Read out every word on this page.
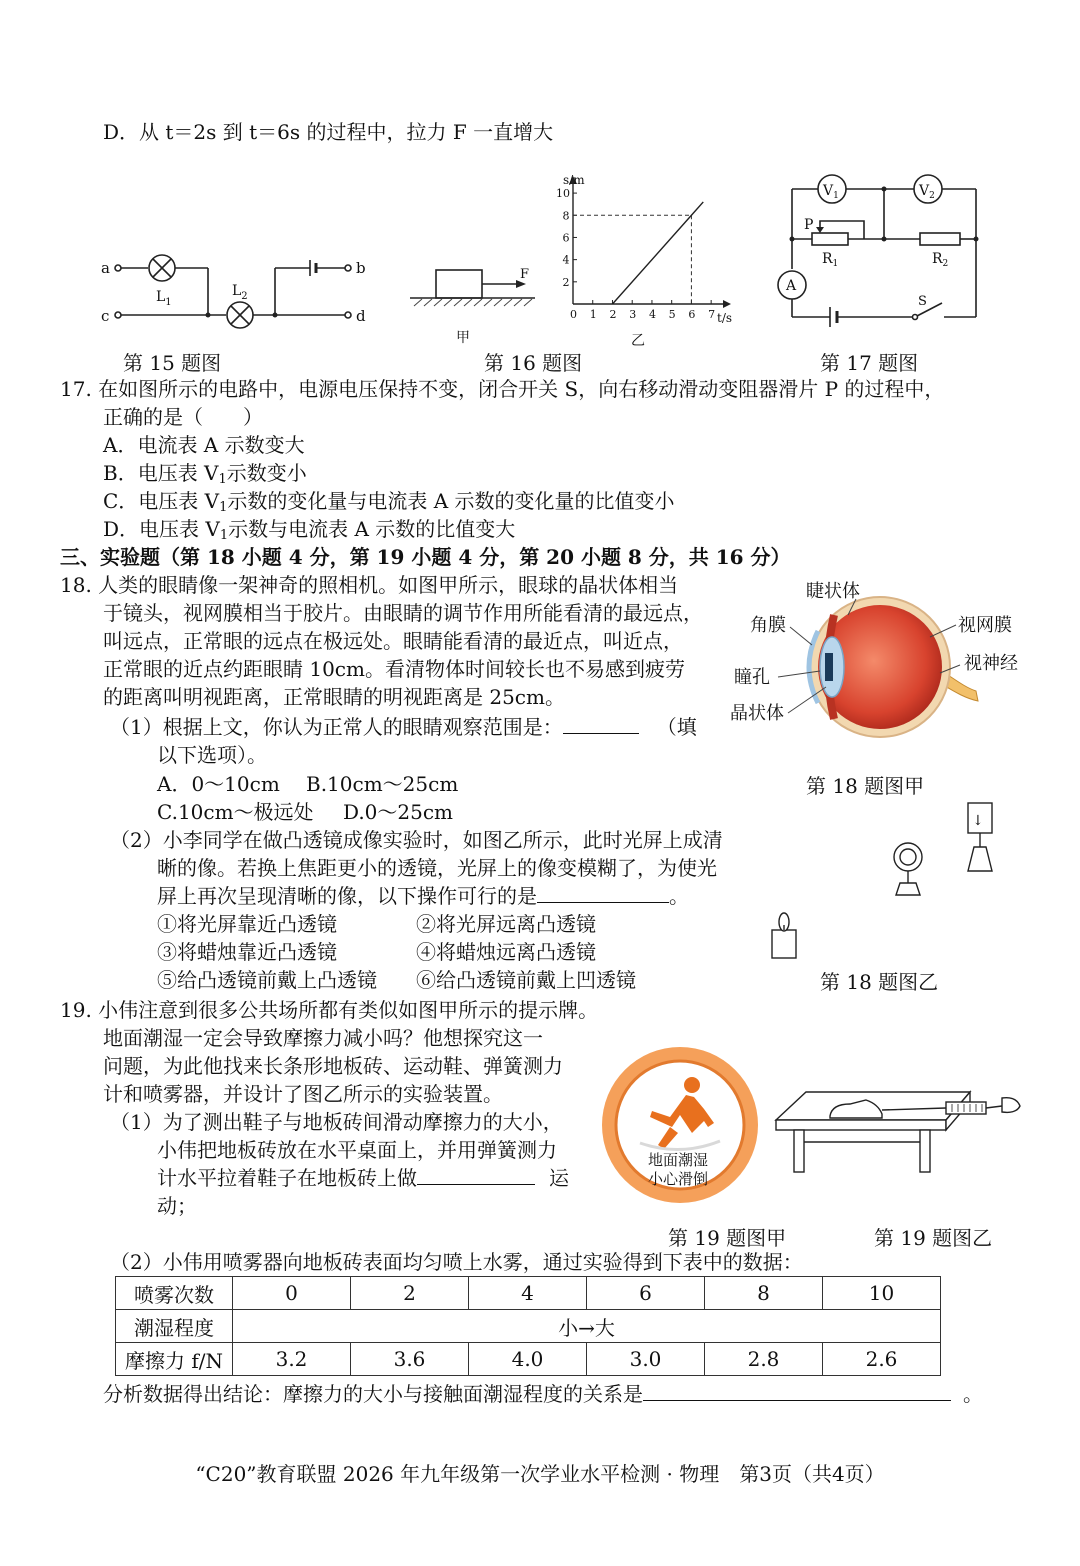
D．从 t＝2s 到 t＝6s 的过程中，拉力 F 一直增大
a
c
b
d
$L_1$
$L_2$
第 15 题图
F
甲
0 1 2 3 4 5 6 7
2
4
6
8
10
s/m
t/s
乙
第 16 题图
$V_1$	$V_2$
A
P
$R_1$	$R_2$
S
第 17 题图
17. 在如图所示的电路中，电源电压保持不变，闭合开关 S，向右移动滑动变阻器滑片 P 的过程中，
正确的是（　　）
A．电流表 A 示数变大
B．电压表 $V_1$示数变小
C．电压表 $V_1$示数的变化量与电流表 A 示数的变化量的比值变小
D．电压表 $V_1$示数与电流表 A 示数的比值变大
三、实验题（第 18 小题 4 分，第 19 小题 4 分，第 20 小题 8 分，共 16 分）
18. 人类的眼睛像一架神奇的照相机。如图甲所示，眼球的晶状体相当
于镜头，视网膜相当于胶片。由眼睛的调节作用所能看清的最远点，
叫远点，正常眼的远点在极远处。眼睛能看清的最近点，叫近点，
正常眼的近点约距眼睛 10cm。看清物体时间较长也不易感到疲劳
的距离叫明视距离，正常眼睛的明视距离是 25cm。
（1）根据上文，你认为正常人的眼睛观察范围是：	（填
以下选项）。
A．0～10cm B.10cm～25cm
C.10cm～极远处 D.0～25cm
（2）小李同学在做凸透镜成像实验时，如图乙所示，此时光屏上成清
晰的像。若换上焦距更小的透镜，光屏上的像变模糊了，为使光
屏上再次呈现清晰的像，以下操作可行的是	。
①将光屏靠近凸透镜	②将光屏远离凸透镜
③将蜡烛靠近凸透镜	④将蜡烛远离凸透镜
⑤给凸透镜前戴上凸透镜 ⑥给凸透镜前戴上凹透镜
睫状体
角膜	视网膜
视神经
瞳孔
晶状体
第 18 题图甲
↓
第 18 题图乙
19. 小伟注意到很多公共场所都有类似如图甲所示的提示牌。
地面潮湿一定会导致摩擦力减小吗？他想探究这一
问题，为此他找来长条形地板砖、运动鞋、弹簧测力
计和喷雾器，并设计了图乙所示的实验装置。
（1）为了测出鞋子与地板砖间滑动摩擦力的大小，
小伟把地板砖放在水平桌面上，并用弹簧测力
计水平拉着鞋子在地板砖上做	运
动；
地面潮湿
小心滑倒
第 19 题图甲	第 19 题图乙
（2）小伟用喷雾器向地板砖表面均匀喷上水雾，通过实验得到下表中的数据：
喷雾次数	0	2	4	6	8	10
潮湿程度	小→大					
摩擦力 f/N	3.2	3.6	4.0	3.0	2.8	2.6
分析数据得出结论：摩擦力的大小与接触面潮湿程度的关系是	。
“C20”教育联盟 2026 年九年级第一次学业水平检测 · 物理　第3页（共4页）
